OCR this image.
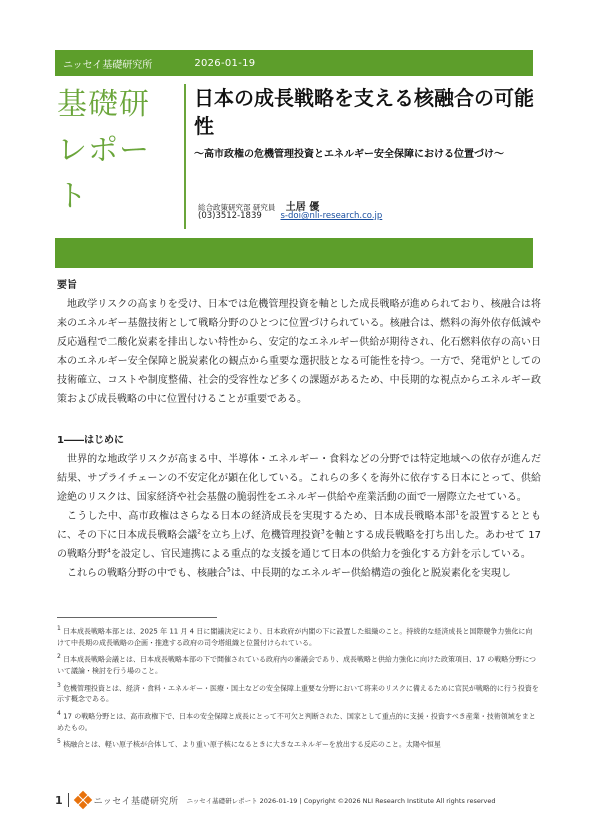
ニッセイ基礎研究所	2026-01-19
基礎研
レポート
日本の成長戦略を支える核融合の可能性
～高市政権の危機管理投資とエネルギー安全保障における位置づけ～
総合政策研究部 研究員 土居 優
(03)3512-1839 s-doi@nli-research.co.jp
要旨

地政学リスクの高まりを受け、日本では危機管理投資を軸とした成長戦略が進められており、核融合は将来のエネルギー基盤技術として戦略分野のひとつに位置づけられている。核融合は、燃料の海外依存低減や反応過程で二酸化炭素を排出しない特性から、安定的なエネルギー供給が期待され、化石燃料依存の高い日本のエネルギー安全保障と脱炭素化の観点から重要な選択肢となる可能性を持つ。一方で、発電炉としての技術確立、コストや制度整備、社会的受容性など多くの課題があるため、中長期的な視点からエネルギー政策および成長戦略の中に位置付けることが重要である。

1――はじめに

世界的な地政学リスクが高まる中、半導体・エネルギー・食料などの分野では特定地域への依存が進んだ結果、サプライチェーンの不安定化が顕在化している。これらの多くを海外に依存する日本にとって、供給途絶のリスクは、国家経済や社会基盤の脆弱性をエネルギー供給や産業活動の面で一層際立たせている。

こうした中、高市政権はさらなる日本の経済成長を実現するため、日本成長戦略本部$^1$を設置するとともに、その下に日本成長戦略会議$^2$を立ち上げ、危機管理投資$^3$を軸とする成長戦略を打ち出した。あわせて 17 の戦略分野$^4$を設定し、官民連携による重点的な支援を通じて日本の供給力を強化する方針を示している。

これらの戦略分野の中でも、核融合$^5$は、中長期的なエネルギー供給構造の強化と脱炭素化を実現し

$^1$ 日本成長戦略本部とは、2025 年 11 月 4 日に閣議決定により、日本政府が内閣の下に設置した組織のこと。持続的な経済成長と国際競争力強化に向けて中長期の成長戦略の企画・推進する政府の司令塔組織と位置付けられている。

$^2$ 日本成長戦略会議とは、日本成長戦略本部の下で開催されている政府内の審議会であり、成長戦略と供給力強化に向けた政策項目、17 の戦略分野について議論・検討を行う場のこと。

$^3$ 危機管理投資とは、経済・食料・エネルギー・医療・国土などの安全保障上重要な分野において将来のリスクに備えるために官民が戦略的に行う投資を示す概念である。

$^4$ 17 の戦略分野とは、高市政権下で、日本の安全保障と成長にとって不可欠と判断された、国家として重点的に支援・投資すべき産業・技術領域をまとめたもの。

$^5$ 核融合とは、軽い原子核が合体して、より重い原子核になるときに大きなエネルギーを放出する反応のこと。太陽や恒星

1	ニッセイ基礎研究所 ニッセイ基礎研レポート 2026-01-19 | Copyright ©2026 NLI Research Institute All rights reserved
